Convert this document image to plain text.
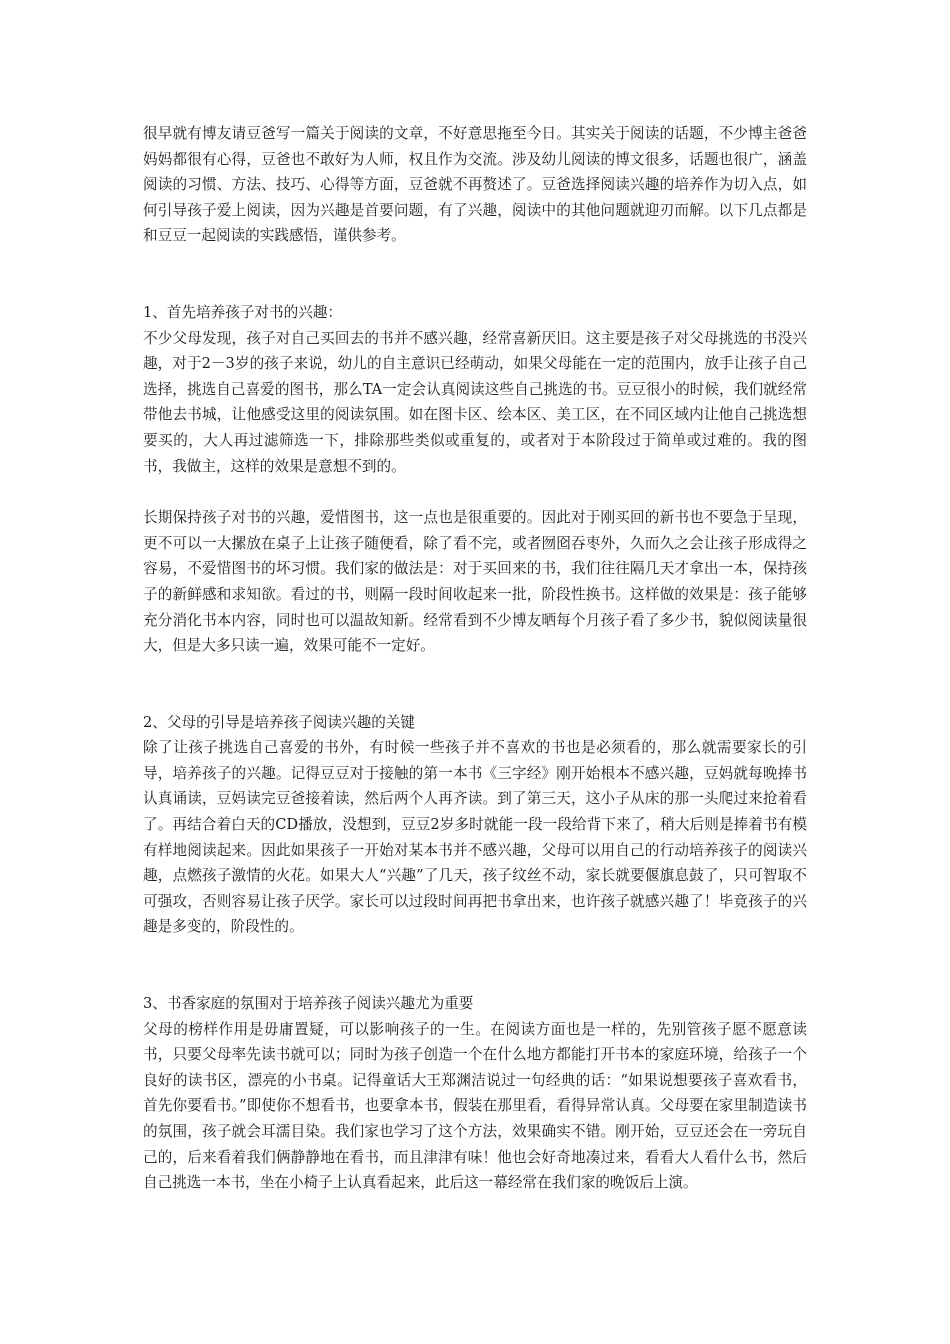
很早就有博友请豆爸写一篇关于阅读的文章，不好意思拖至今日。其实关于阅读的话题，不少博主爸爸妈妈都很有心得，豆爸也不敢好为人师，权且作为交流。涉及幼儿阅读的博文很多，话题也很广，涵盖阅读的习惯、方法、技巧、心得等方面，豆爸就不再赘述了。豆爸选择阅读兴趣的培养作为切入点，如何引导孩子爱上阅读，因为兴趣是首要问题，有了兴趣，阅读中的其他问题就迎刃而解。以下几点都是和豆豆一起阅读的实践感悟，谨供参考。

1、首先培养孩子对书的兴趣：

不少父母发现，孩子对自己买回去的书并不感兴趣，经常喜新厌旧。这主要是孩子对父母挑选的书没兴趣，对于2－3岁的孩子来说，幼儿的自主意识已经萌动，如果父母能在一定的范围内，放手让孩子自己选择，挑选自己喜爱的图书，那么TA一定会认真阅读这些自己挑选的书。豆豆很小的时候，我们就经常带他去书城，让他感受这里的阅读氛围。如在图卡区、绘本区、美工区，在不同区域内让他自己挑选想要买的，大人再过滤筛选一下，排除那些类似或重复的，或者对于本阶段过于简单或过难的。我的图书，我做主，这样的效果是意想不到的。

长期保持孩子对书的兴趣，爱惜图书，这一点也是很重要的。因此对于刚买回的新书也不要急于呈现，更不可以一大摞放在桌子上让孩子随便看，除了看不完，或者囫囵吞枣外，久而久之会让孩子形成得之容易，不爱惜图书的坏习惯。我们家的做法是：对于买回来的书，我们往往隔几天才拿出一本，保持孩子的新鲜感和求知欲。看过的书，则隔一段时间收起来一批，阶段性换书。这样做的效果是：孩子能够充分消化书本内容，同时也可以温故知新。经常看到不少博友晒每个月孩子看了多少书，貌似阅读量很大，但是大多只读一遍，效果可能不一定好。

2、父母的引导是培养孩子阅读兴趣的关键

除了让孩子挑选自己喜爱的书外，有时候一些孩子并不喜欢的书也是必须看的，那么就需要家长的引导，培养孩子的兴趣。记得豆豆对于接触的第一本书《三字经》刚开始根本不感兴趣，豆妈就每晚捧书认真诵读，豆妈读完豆爸接着读，然后两个人再齐读。到了第三天，这小子从床的那一头爬过来抢着看了。再结合着白天的CD播放，没想到，豆豆2岁多时就能一段一段给背下来了，稍大后则是捧着书有模有样地阅读起来。因此如果孩子一开始对某本书并不感兴趣，父母可以用自己的行动培养孩子的阅读兴趣，点燃孩子激情的火花。如果大人“兴趣”了几天，孩子纹丝不动，家长就要偃旗息鼓了，只可智取不可强攻，否则容易让孩子厌学。家长可以过段时间再把书拿出来，也许孩子就感兴趣了！毕竟孩子的兴趣是多变的，阶段性的。

3、书香家庭的氛围对于培养孩子阅读兴趣尤为重要

父母的榜样作用是毋庸置疑，可以影响孩子的一生。在阅读方面也是一样的，先别管孩子愿不愿意读书，只要父母率先读书就可以；同时为孩子创造一个在什么地方都能打开书本的家庭环境，给孩子一个良好的读书区，漂亮的小书桌。记得童话大王郑渊洁说过一句经典的话：“如果说想要孩子喜欢看书，首先你要看书。”即使你不想看书，也要拿本书，假装在那里看，看得异常认真。父母要在家里制造读书的氛围，孩子就会耳濡目染。我们家也学习了这个方法，效果确实不错。刚开始，豆豆还会在一旁玩自己的，后来看着我们俩静静地在看书，而且津津有味！他也会好奇地凑过来，看看大人看什么书，然后自己挑选一本书，坐在小椅子上认真看起来，此后这一幕经常在我们家的晚饭后上演。
